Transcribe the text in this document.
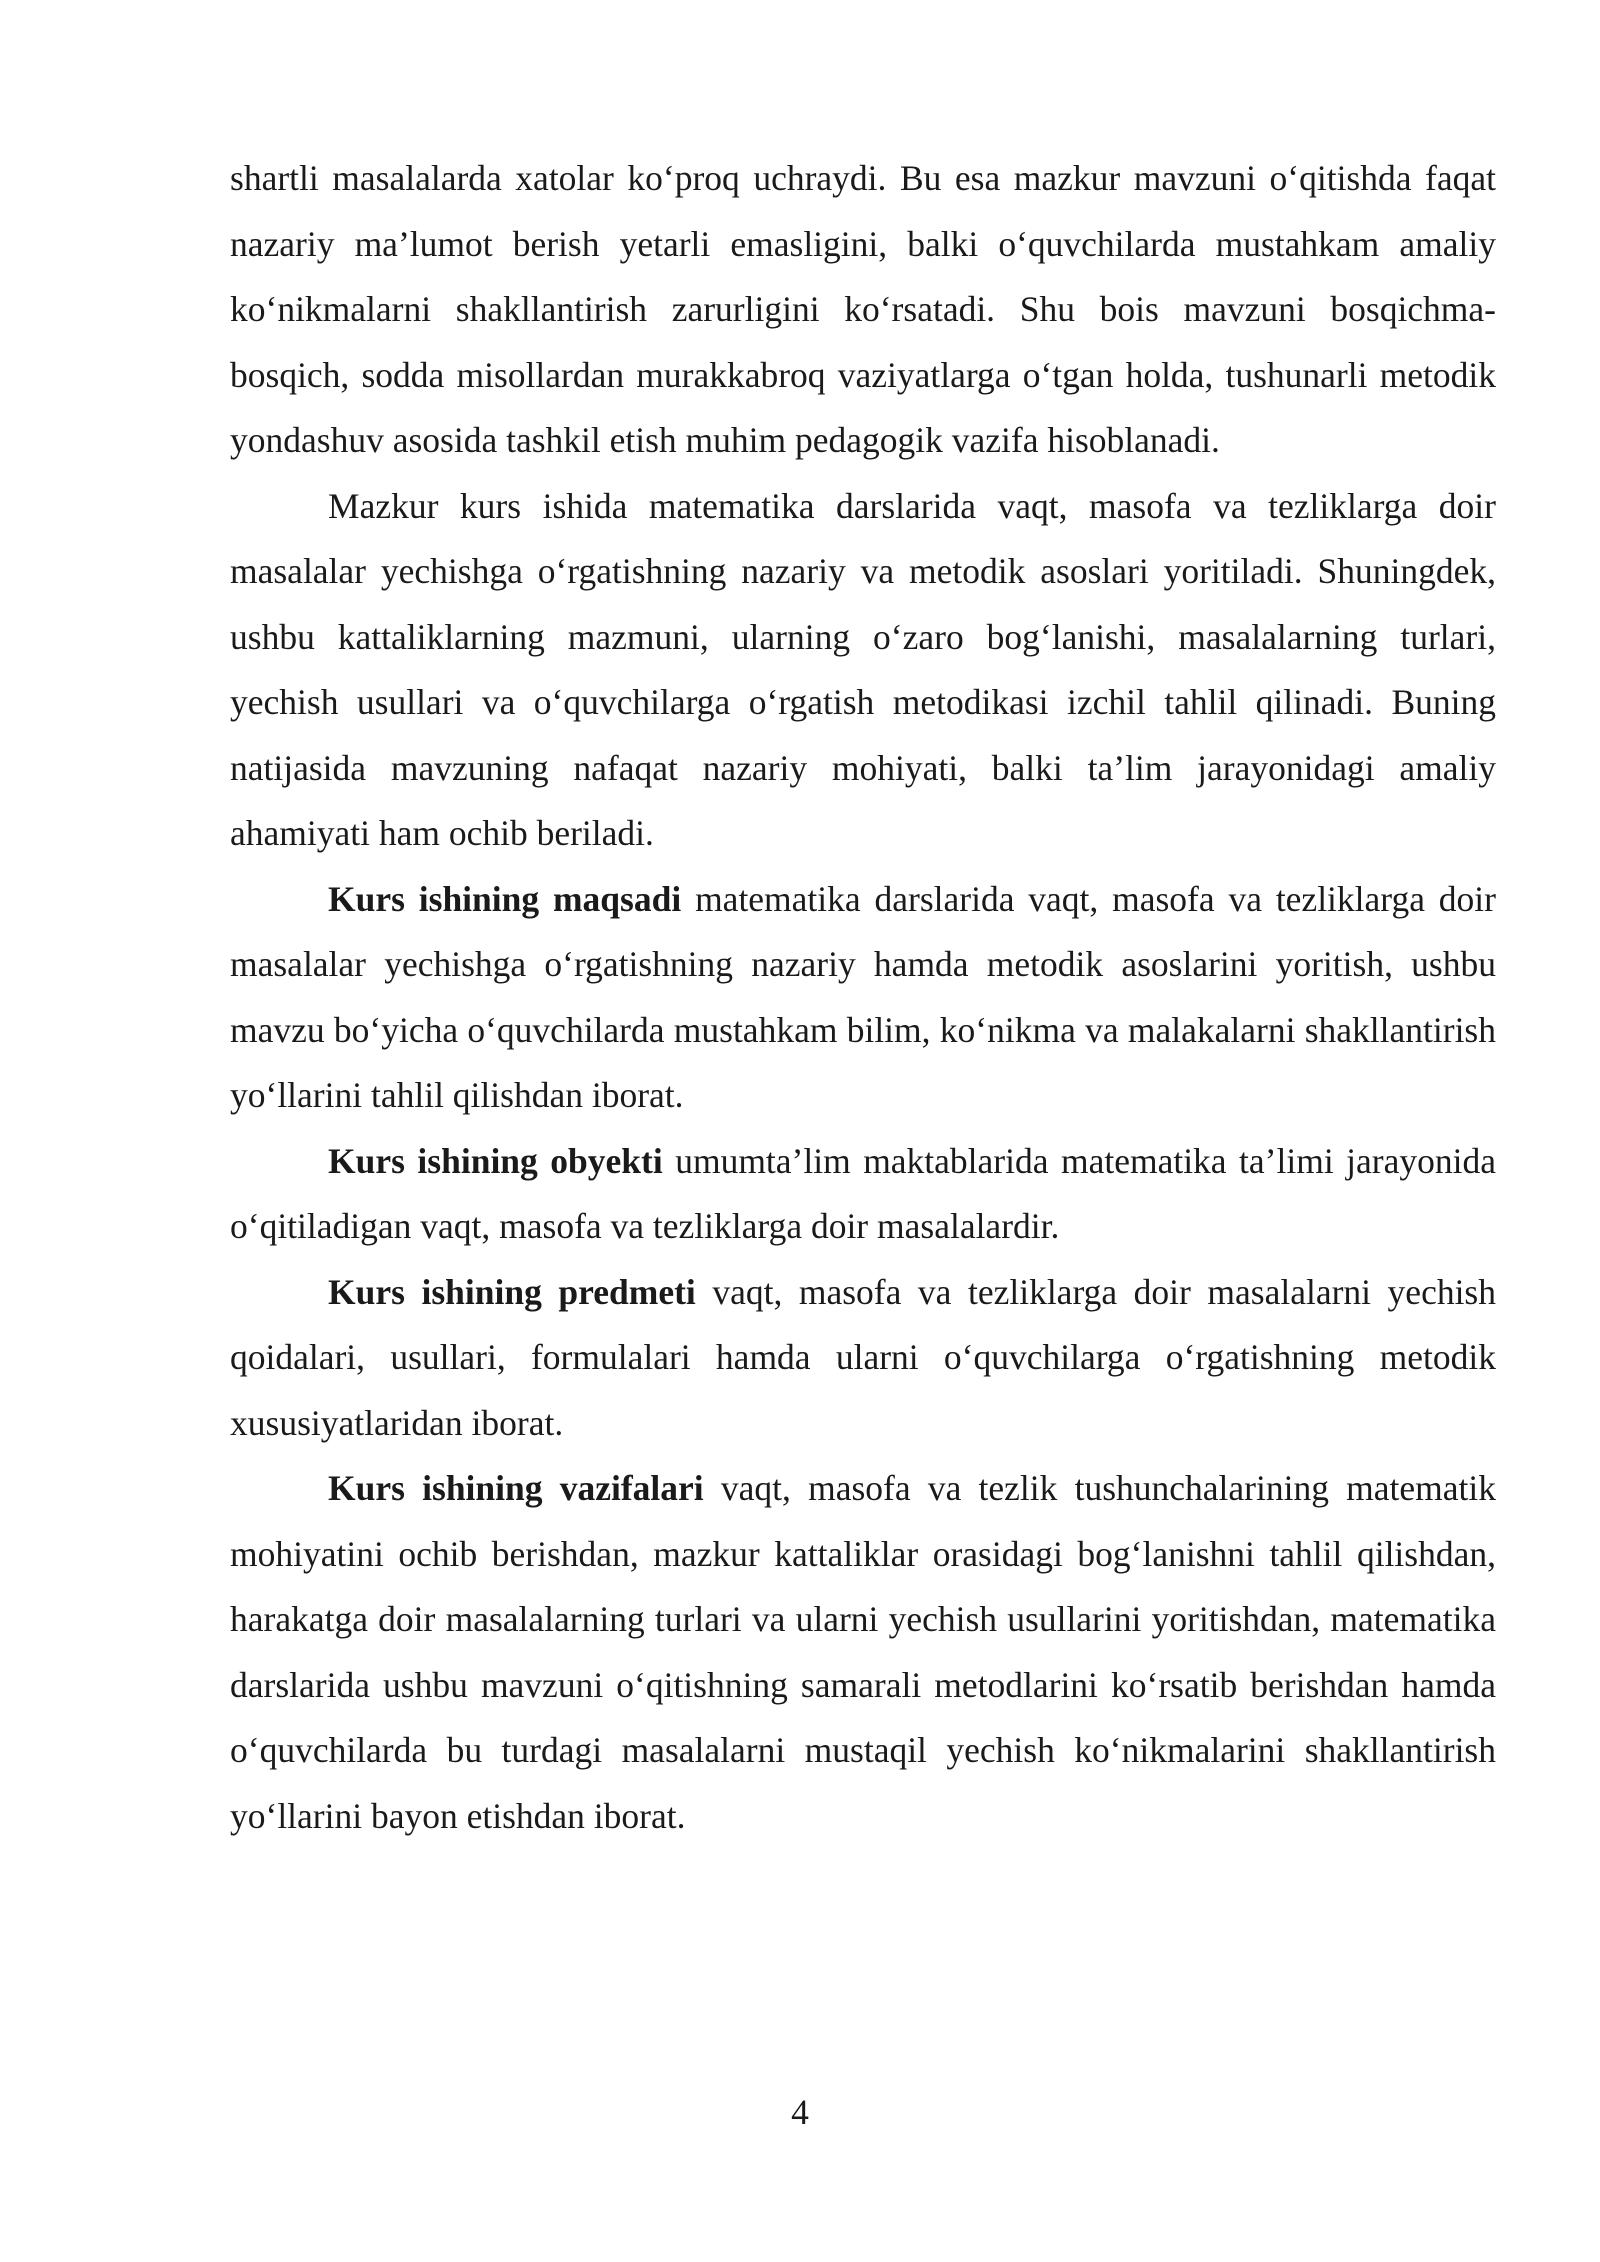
shartli masalalarda xatolar ko‘proq uchraydi. Bu esa mazkur mavzuni o‘qitishda faqat nazariy ma’lumot berish yetarli emasligini, balki o‘quvchilarda mustahkam amaliy ko‘nikmalarni shakllantirish zarurligini ko‘rsatadi. Shu bois mavzuni bosqichma-bosqich, sodda misollardan murakkabroq vaziyatlarga o‘tgan holda, tushunarli metodik yondashuv asosida tashkil etish muhim pedagogik vazifa hisoblanadi.

Mazkur kurs ishida matematika darslarida vaqt, masofa va tezliklarga doir masalalar yechishga o‘rgatishning nazariy va metodik asoslari yoritiladi. Shuningdek, ushbu kattaliklarning mazmuni, ularning o‘zaro bog‘lanishi, masalalarning turlari, yechish usullari va o‘quvchilarga o‘rgatish metodikasi izchil tahlil qilinadi. Buning natijasida mavzuning nafaqat nazariy mohiyati, balki ta’lim jarayonidagi amaliy ahamiyati ham ochib beriladi.

Kurs ishining maqsadi matematika darslarida vaqt, masofa va tezliklarga doir masalalar yechishga o‘rgatishning nazariy hamda metodik asoslarini yoritish, ushbu mavzu bo‘yicha o‘quvchilarda mustahkam bilim, ko‘nikma va malakalarni shakllantirish yo‘llarini tahlil qilishdan iborat.

Kurs ishining obyekti umumta’lim maktablarida matematika ta’limi jarayonida o‘qitiladigan vaqt, masofa va tezliklarga doir masalalardir.

Kurs ishining predmeti vaqt, masofa va tezliklarga doir masalalarni yechish qoidalari, usullari, formulalari hamda ularni o‘quvchilarga o‘rgatishning metodik xususiyatlaridan iborat.

Kurs ishining vazifalari vaqt, masofa va tezlik tushunchalarining matematik mohiyatini ochib berishdan, mazkur kattaliklar orasidagi bog‘lanishni tahlil qilishdan, harakatga doir masalalarning turlari va ularni yechish usullarini yoritishdan, matematika darslarida ushbu mavzuni o‘qitishning samarali metodlarini ko‘rsatib berishdan hamda o‘quvchilarda bu turdagi masalalarni mustaqil yechish ko‘nikmalarini shakllantirish yo‘llarini bayon etishdan iborat.

4
